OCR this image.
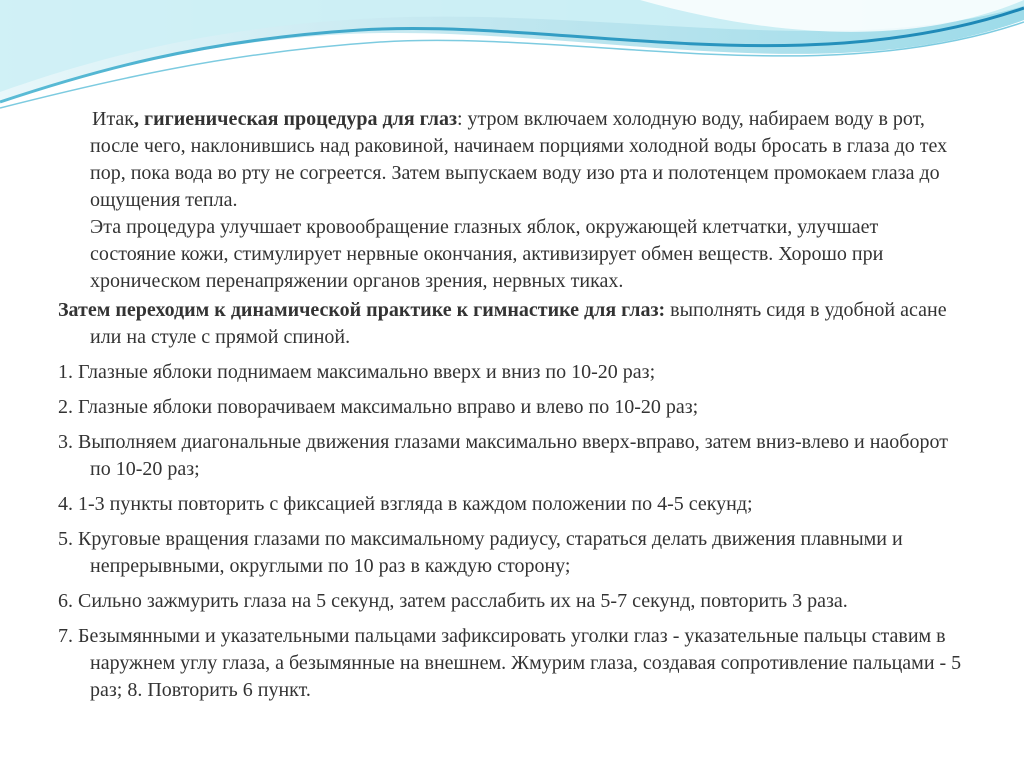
Итак, гигиеническая процедура для глаз: утром включаем холодную воду, набираем воду в рот, после чего, наклонившись над раковиной, начинаем порциями холодной воды бросать в глаза до тех пор, пока вода во рту не согреется. Затем выпускаем воду изо рта и полотенцем промокаем глаза до ощущения тепла.

Эта процедура улучшает кровообращение глазных яблок, окружающей клетчатки, улучшает состояние кожи, стимулирует нервные окончания, активизирует обмен веществ. Хорошо при хроническом перенапряжении органов зрения, нервных тиках.

Затем переходим к динамической практике к гимнастике для глаз: выполнять сидя в удобной асане или на стуле с прямой спиной.

1. Глазные яблоки поднимаем максимально вверх и вниз по 10-20 раз;

2. Глазные яблоки поворачиваем максимально вправо и влево по 10-20 раз;

3. Выполняем диагональные движения глазами максимально вверх-вправо, затем вниз-влево и наоборот по 10-20 раз;

4. 1-3 пункты повторить с фиксацией взгляда в каждом положении по 4-5 секунд;

5. Круговые вращения глазами по максимальному радиусу, стараться делать движения плавными и непрерывными, округлыми по 10 раз в каждую сторону;

6. Сильно зажмурить глаза на 5 секунд, затем расслабить их на 5-7 секунд, повторить 3 раза.

7. Безымянными и указательными пальцами зафиксировать уголки глаз - указательные пальцы ставим в наружнем углу глаза, а безымянные на внешнем. Жмурим глаза, создавая сопротивление пальцами - 5 раз; 8. Повторить 6 пункт.
